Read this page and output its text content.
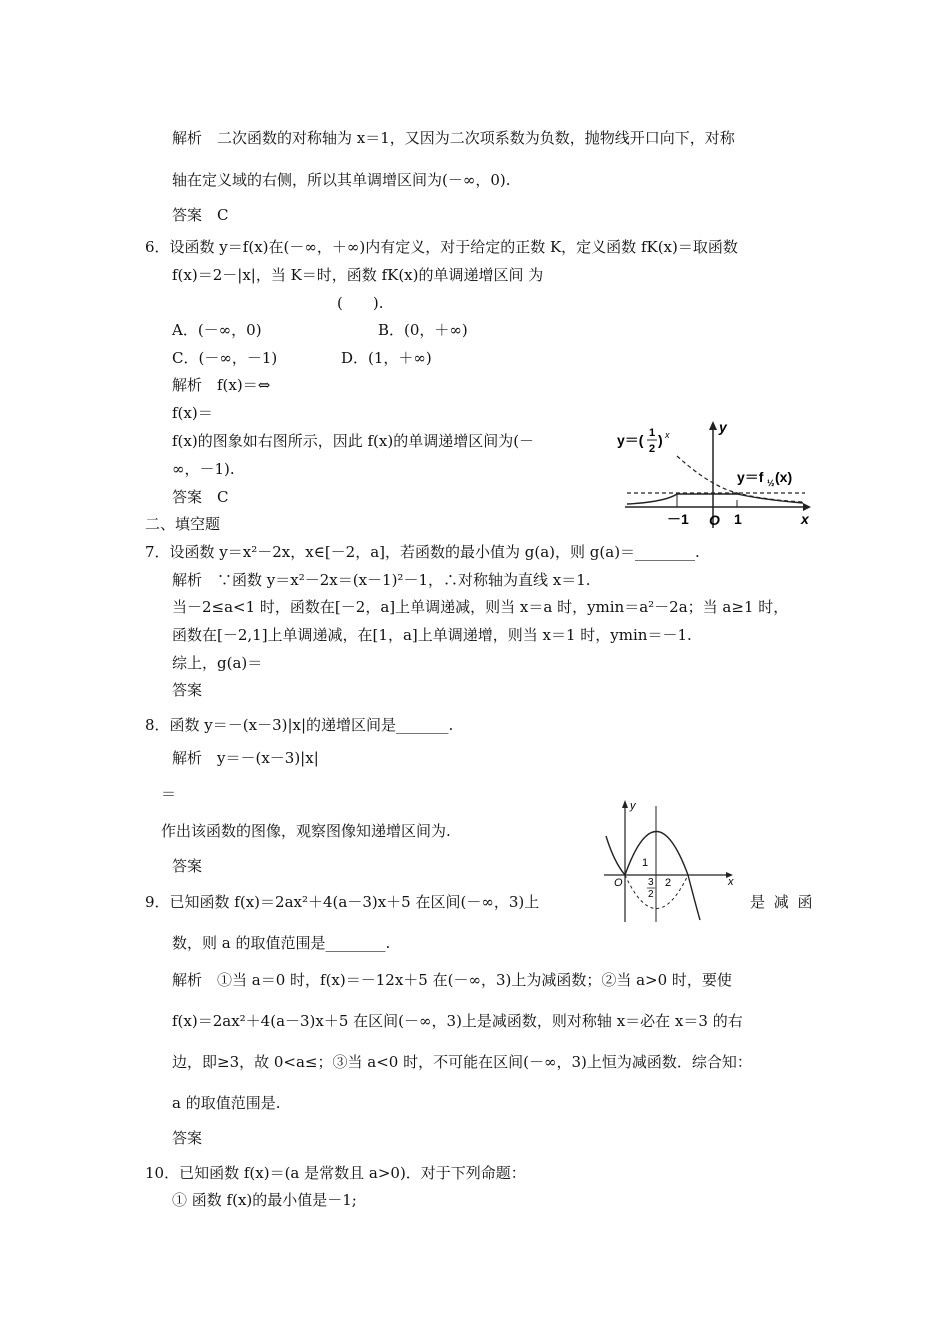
解析　二次函数的对称轴为 x＝1，又因为二次项系数为负数，抛物线开口向下，对称
轴在定义域的右侧，所以其单调增区间为(－∞，0).
答案　C
6．设函数 y＝f(x)在(－∞，＋∞)内有定义，对于给定的正数 K，定义函数 fK(x)＝取函数
f(x)＝2－|x|，当 K＝时，函数 fK(x)的单调递增区间 为
(　　).
A．(－∞，0)	B．(0，＋∞)
C．(－∞，－1)	D．(1，＋∞)
解析　f(x)＝⇔
f(x)＝
f(x)的图象如右图所示，因此 f(x)的单调递增区间为(－
∞，－1).
答案　C
二、填空题
7．设函数 y＝x²－2x，x∈[－2，a]，若函数的最小值为 g(a)，则 g(a)＝________.
解析　∵函数 y＝x²－2x＝(x－1)²－1，∴对称轴为直线 x＝1.
当－2≤a<1 时，函数在[－2，a]上单调递减，则当 x＝a 时，ymin＝a²－2a；当 a≥1 时，
函数在[－2,1]上单调递减，在[1，a]上单调递增，则当 x＝1 时，ymin＝－1.
综上，g(a)＝
答案
8．函数 y＝－(x－3)|x|的递增区间是_______.
解析　y＝－(x－3)|x|
＝
作出该函数的图像，观察图像知递增区间为.
答案
9．已知函数 f(x)＝2ax²＋4(a－3)x＋5 在区间(－∞，3)上	是 减 函
数，则 a 的取值范围是________.
解析　①当 a＝0 时，f(x)＝－12x＋5 在(－∞，3)上为减函数；②当 a>0 时，要使
f(x)＝2ax²＋4(a－3)x＋5 在区间(－∞，3)上是减函数，则对称轴 x＝必在 x＝3 的右
边，即≥3，故 0<a≤；③当 a<0 时，不可能在区间(－∞，3)上恒为减函数．综合知：
a 的取值范围是.
答案
10．已知函数 f(x)＝(a 是常数且 a>0)．对于下列命题：
① 函数 f(x)的最小值是－1;
y＝( 1
2
) x
y＝f ½ (x)
y
x
－1 O 1
y
x
O
1
3
2
2
